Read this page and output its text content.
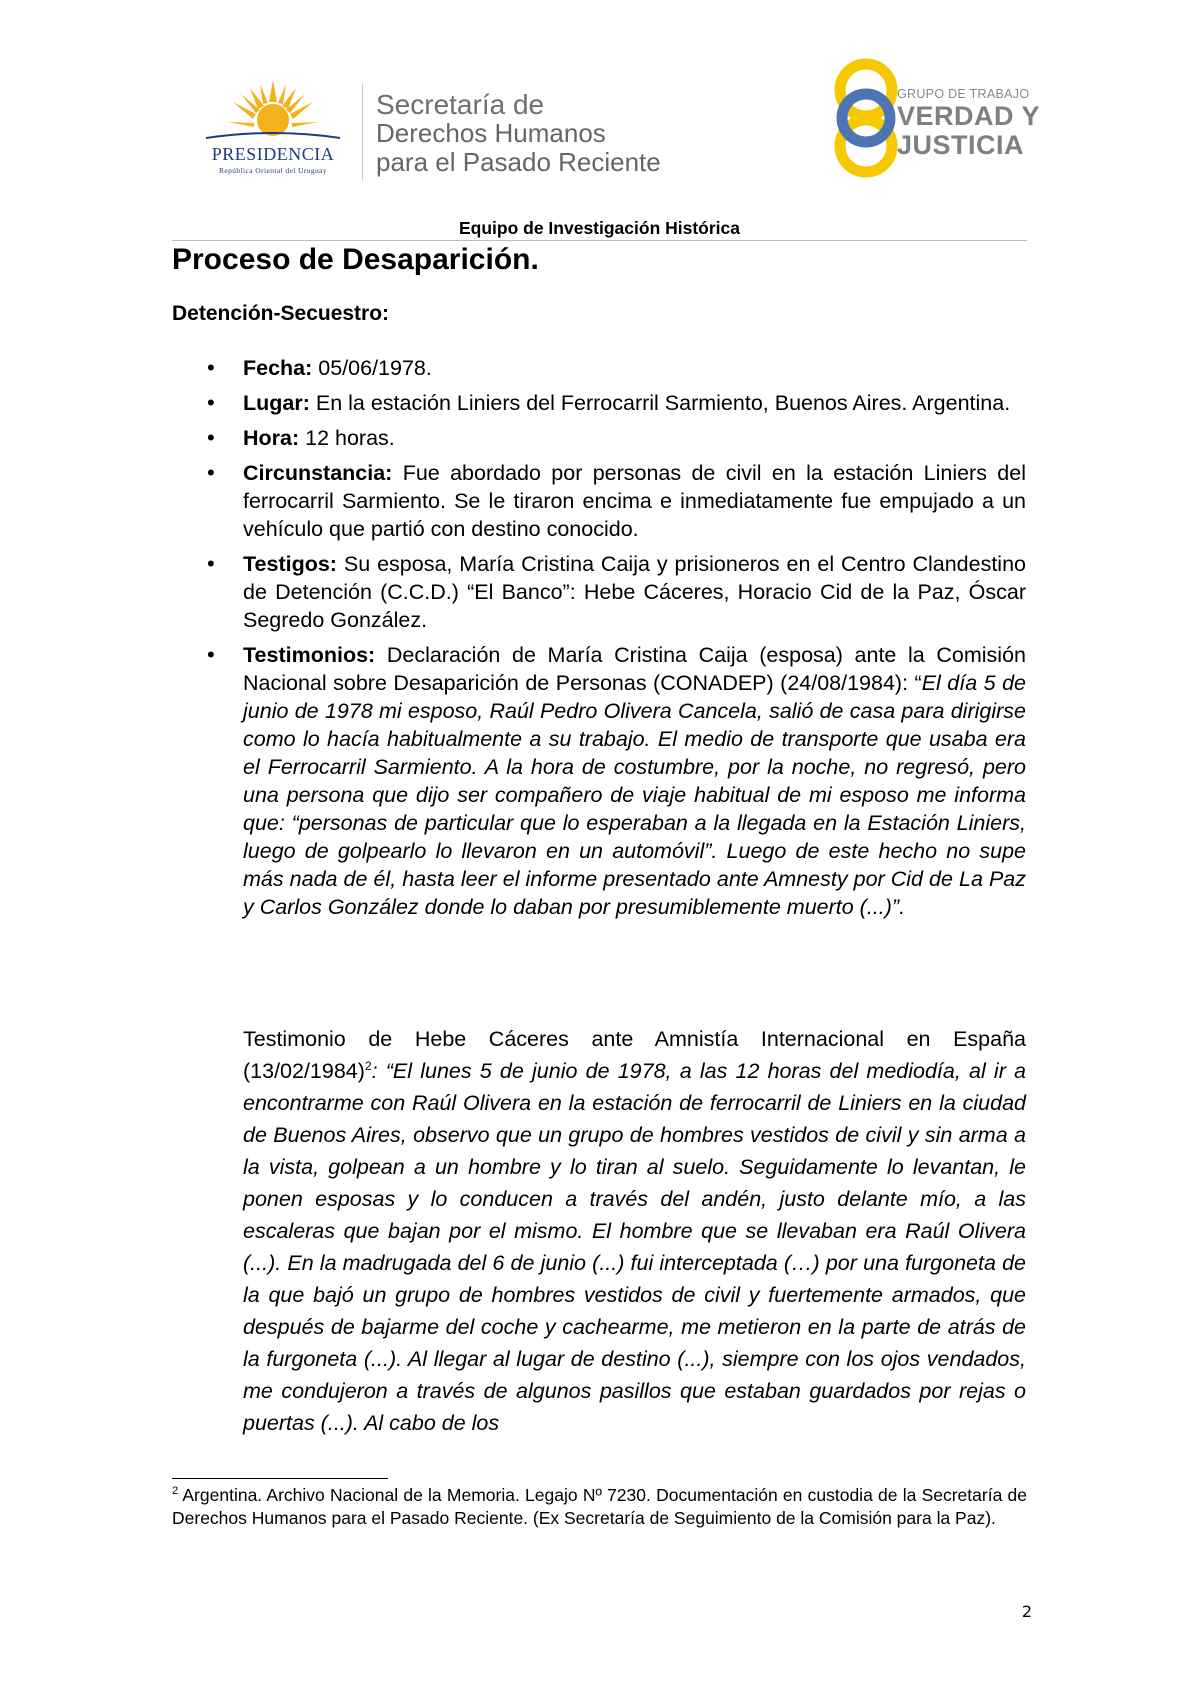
PRESIDENCIA
República Oriental del Uruguay
Secretaría de
Derechos Humanos
para el Pasado Reciente
GRUPO DE TRABAJO
VERDAD Y
JUSTICIA
Equipo de Investigación Histórica
Proceso de Desaparición.
Detención-Secuestro:
• Fecha: 05/06/1978.
• Lugar: En la estación Liniers del Ferrocarril Sarmiento, Buenos Aires. Argentina.
• Hora: 12 horas.
• Circunstancia: Fue abordado por personas de civil en la estación Liniers del ferrocarril Sarmiento. Se le tiraron encima e inmediatamente fue empujado a un vehículo que partió con destino conocido.
• Testigos: Su esposa, María Cristina Caija y prisioneros en el Centro Clandestino de Detención (C.C.D.) “El Banco”: Hebe Cáceres, Horacio Cid de la Paz, Óscar Segredo González.
• Testimonios: Declaración de María Cristina Caija (esposa) ante la Comisión Nacional sobre Desaparición de Personas (CONADEP) (24/08/1984): “El día 5 de junio de 1978 mi esposo, Raúl Pedro Olivera Cancela, salió de casa para dirigirse como lo hacía habitualmente a su trabajo. El medio de transporte que usaba era el Ferrocarril Sarmiento. A la hora de costumbre, por la noche, no regresó, pero una persona que dijo ser compañero de viaje habitual de mi esposo me informa que: “personas de particular que lo esperaban a la llegada en la Estación Liniers, luego de golpearlo lo llevaron en un automóvil”. Luego de este hecho no supe más nada de él, hasta leer el informe presentado ante Amnesty por Cid de La Paz y Carlos González donde lo daban por presumiblemente muerto (...)”.
Testimonio de Hebe Cáceres ante Amnistía Internacional en España $(13/02/1984)^2$: “El lunes 5 de junio de 1978, a las 12 horas del mediodía, al ir a encontrarme con Raúl Olivera en la estación de ferrocarril de Liniers en la ciudad de Buenos Aires, observo que un grupo de hombres vestidos de civil y sin arma a la vista, golpean a un hombre y lo tiran al suelo. Seguidamente lo levantan, le ponen esposas y lo conducen a través del andén, justo delante mío, a las escaleras que bajan por el mismo. El hombre que se llevaban era Raúl Olivera (...). En la madrugada del 6 de junio (...) fui interceptada (…) por una furgoneta de la que bajó un grupo de hombres vestidos de civil y fuertemente armados, que después de bajarme del coche y cachearme, me metieron en la parte de atrás de la furgoneta (...). Al llegar al lugar de destino (...), siempre con los ojos vendados, me condujeron a través de algunos pasillos que estaban guardados por rejas o puertas (...). Al cabo de los
$^2$ Argentina. Archivo Nacional de la Memoria. Legajo Nº 7230. Documentación en custodia de la Secretaría de Derechos Humanos para el Pasado Reciente. (Ex Secretaría de Seguimiento de la Comisión para la Paz).
2
